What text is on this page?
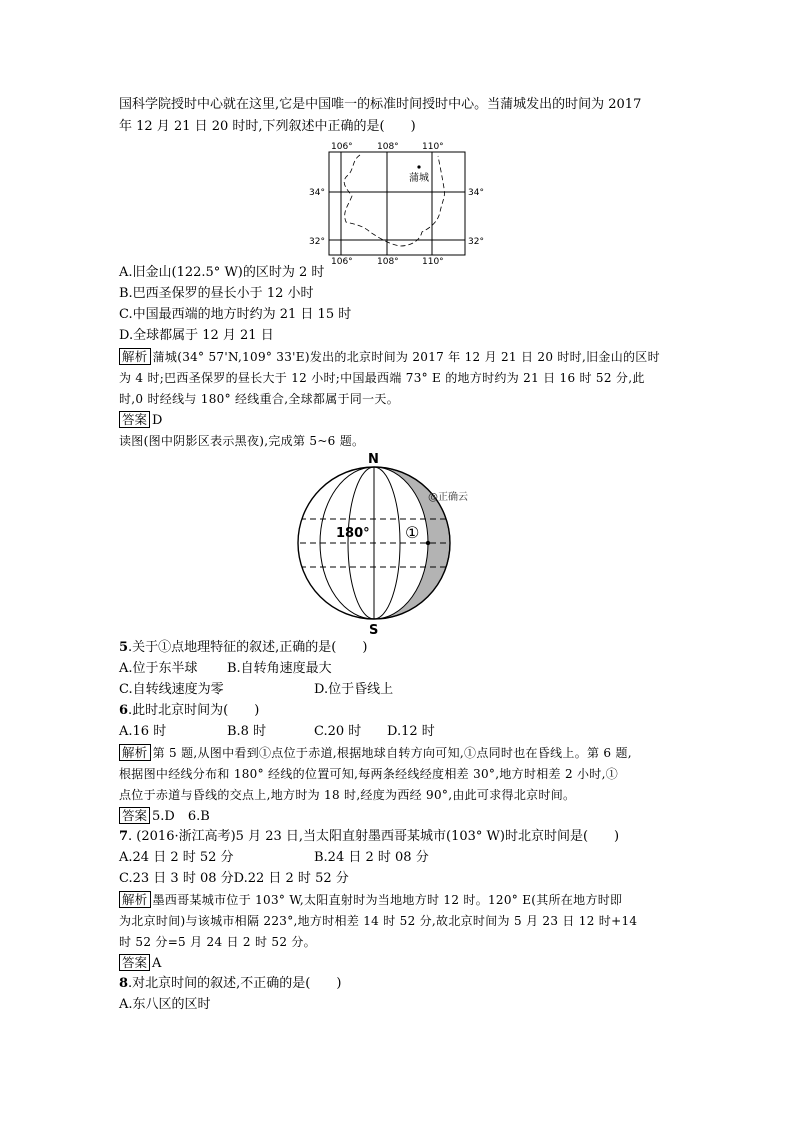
国科学院授时中心就在这里,它是中国唯一的标准时间授时中心。当蒲城发出的时间为 2017
年 12 月 21 日 20 时时,下列叙述中正确的是(　　)
蒲城
106°	108°	110°
106°	108°	110°
34°	34°
32°	32°
A.旧金山(122.5° W)的区时为 2 时
B.巴西圣保罗的昼长小于 12 小时
C.中国最西端的地方时约为 21 日 15 时
D.全球都属于 12 月 21 日
解析 蒲城(34° 57'N,109° 33'E)发出的北京时间为 2017 年 12 月 21 日 20 时时,旧金山的区时
为 4 时;巴西圣保罗的昼长大于 12 小时;中国最西端 73° E 的地方时约为 21 日 16 时 52 分,此
时,0 时经线与 180° 经线重合,全球都属于同一天。
答案 D
读图(图中阴影区表示黑夜),完成第 5~6 题。
N
S
180° ①
@正确云
5.关于①点地理特征的叙述,正确的是(　　)
A.位于东半球 B.自转角速度最大
C.自转线速度为零	D.位于昏线上
6.此时北京时间为(　　)
A.16 时	B.8 时	C.20 时 D.12 时
解析 第 5 题,从图中看到①点位于赤道,根据地球自转方向可知,①点同时也在昏线上。第 6 题,
根据图中经线分布和 180° 经线的位置可知,每两条经线经度相差 30°,地方时相差 2 小时,①
点位于赤道与昏线的交点上,地方时为 18 时,经度为西经 90°,由此可求得北京时间。
答案 5.D　6.B
7. (2016·浙江高考)5 月 23 日,当太阳直射墨西哥某城市(103° W)时北京时间是(　　)
A.24 日 2 时 52 分	B.24 日 2 时 08 分
C.23 日 3 时 08 分D.22 日 2 时 52 分
解析 墨西哥某城市位于 103° W,太阳直射时为当地地方时 12 时。120° E(其所在地方时即
为北京时间)与该城市相隔 223°,地方时相差 14 时 52 分,故北京时间为 5 月 23 日 12 时+14
时 52 分=5 月 24 日 2 时 52 分。
答案 A
8.对北京时间的叙述,不正确的是(　　)
A.东八区的区时
